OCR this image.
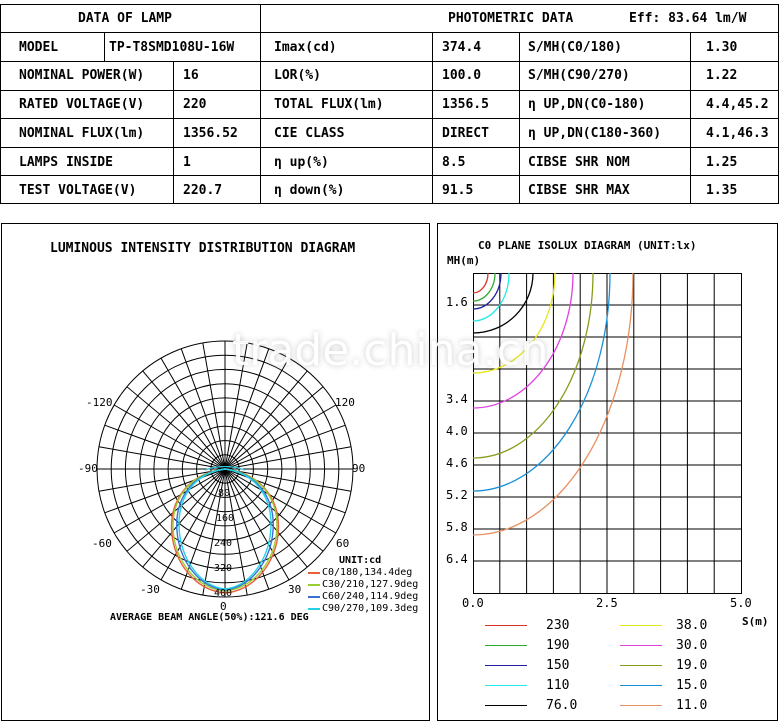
DATA OF LAMP	PHOTOMETRIC DATA	Eff: 83.64 lm/W
MODEL	TP-T8SMD108U-16W	Imax(cd)	374.4	S/MH(C0/180)	1.30
NOMINAL POWER(W)	16	LOR(%)	100.0	S/MH(C90/270)	1.22
RATED VOLTAGE(V)	220	TOTAL FLUX(lm)	1356.5	η UP,DN(C0-180)	4.4,45.2
NOMINAL FLUX(lm)	1356.52	CIE CLASS	DIRECT	η UP,DN(C180-360)	4.1,46.3
LAMPS INSIDE	1	η up(%)	8.5	CIBSE SHR NOM	1.25
TEST VOLTAGE(V)	220.7	η down(%)	91.5	CIBSE SHR MAX	1.35
LUMINOUS INTENSITY DISTRIBUTION DIAGRAM
-120	120
-90	90
-60	60
-30	30
0
80
160
240
320
400
UNIT:cd
C0/180,134.4deg
C30/210,127.9deg
C60/240,114.9deg
C90/270,109.3deg
AVERAGE BEAM ANGLE(50%):121.6 DEG
C0 PLANE ISOLUX DIAGRAM (UNIT:lx)
MH(m)
1.6
3.4
4.0
4.6
5.2
5.8
6.4
0.0	2.5	5.0
S(m)
230	38.0
190	30.0
150	19.0
110	15.0
76.0	11.0
trade.china.cn
